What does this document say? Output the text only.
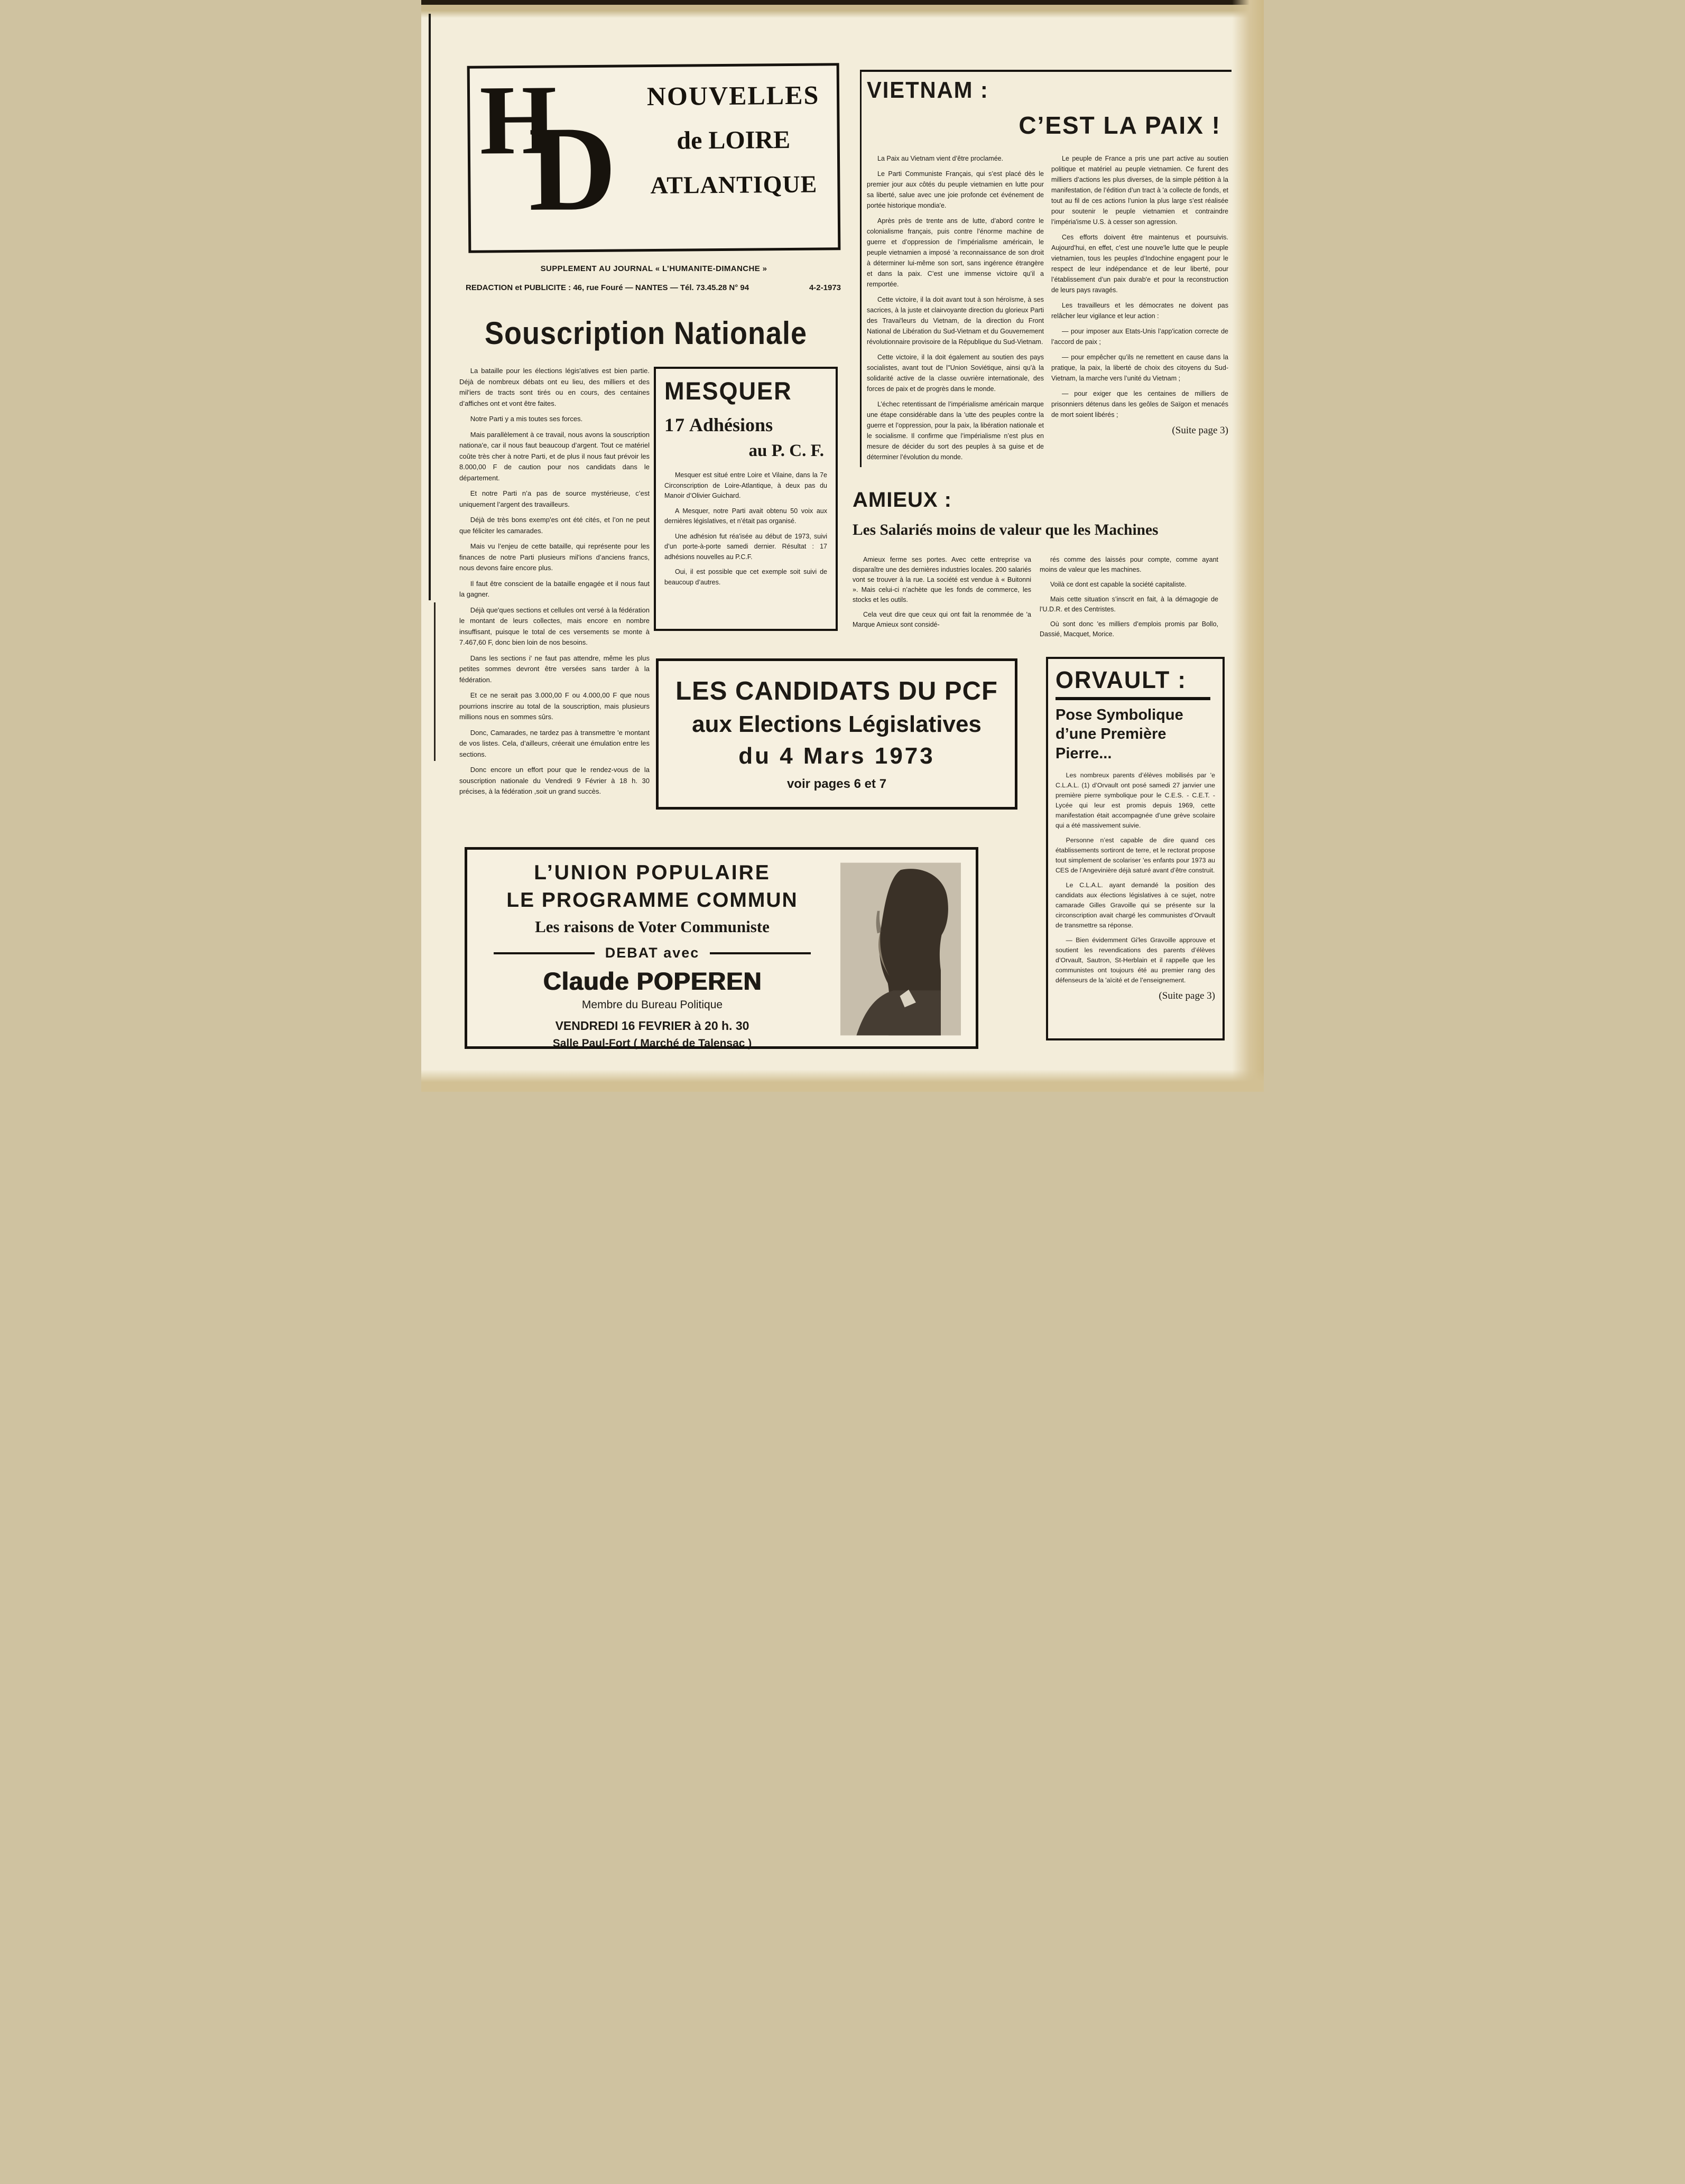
H
D
NOUVELLES
de LOIRE
ATLANTIQUE
SUPPLEMENT AU JOURNAL « L’HUMANITE-DIMANCHE »
REDACTION et PUBLICITE : 46, rue Fouré — NANTES — Tél. 73.45.28 N° 94	4-2-1973
VIETNAM :
C’EST LA PAIX !

La Paix au Vietnam vient d’être proclamée.

Le Parti Communiste Français, qui s’est placé dès le premier jour aux côtés du peuple vietnamien en lutte pour sa liberté, salue avec une joie profonde cet événement de portée historique mondia'e.

Après près de trente ans de lutte, d’abord contre le colonialisme français, puis contre l’énorme machine de guerre et d’oppression de l’impérialisme américain, le peuple vietnamien a imposé 'a reconnaissance de son droit à déterminer lui-même son sort, sans ingérence étrangère et dans la paix. C’est une immense victoire qu’il a remportée.

Cette victoire, il la doit avant tout à son héroïsme, à ses sacrices, à la juste et clairvoyante direction du glorieux Parti des Travai'leurs du Vietnam, de la direction du Front National de Libération du Sud-Vietnam et du Gouvernement révolutionnaire provisoire de la République du Sud-Vietnam.

Cette victoire, il la doit également au soutien des pays socialistes, avant tout de l''Union Soviétique, ainsi qu’à la solidarité active de la classe ouvrière internationale, des forces de paix et de progrès dans le monde.

L’échec retentissant de l’impérialisme américain marque une étape considérable dans la 'utte des peuples contre la guerre et l’oppression, pour la paix, la libération nationale et le socialisme. Il confirme que l’impérialisme n’est plus en mesure de décider du sort des peuples à sa guise et de déterminer l’évolution du monde.

Le peuple de France a pris une part active au soutien politique et matériel au peuple vietnamien. Ce furent des milliers d’actions les plus diverses, de la simple pétition à la manifestation, de l’édition d’un tract à 'a collecte de fonds, et tout au fil de ces actions l’union la plus large s’est réalisée pour soutenir le peuple vietnamien et contraindre l’impéria'isme U.S. à cesser son agression.

Ces efforts doivent être maintenus et poursuivis. Aujourd’hui, en effet, c’est une nouve'le lutte que le peuple vietnamien, tous les peuples d’Indochine engagent pour le respect de leur indépendance et de leur liberté, pour l’établissement d’un paix durab'e et pour la reconstruction de leurs pays ravagés.

Les travailleurs et les démocrates ne doivent pas relâcher leur vigilance et leur action :

— pour imposer aux Etats-Unis l’app'ication correcte de l’accord de paix ;

— pour empêcher qu’ils ne remettent en cause dans la pratique, la paix, la liberté de choix des citoyens du Sud-Vietnam, la marche vers l’unité du Vietnam ;

— pour exiger que les centaines de milliers de prisonniers détenus dans les geôles de Saïgon et menacés de mort soient libérés ;

(Suite page 3)
Souscription Nationale

La bataille pour les élections légis'atives est bien partie. Déjà de nombreux débats ont eu lieu, des milliers et des mil'iers de tracts sont tirés ou en cours, des centaines d’affiches ont et vont être faites.

Notre Parti y a mis toutes ses forces.

Mais parallèlement à ce travail, nous avons la souscription nationa'e, car il nous faut beaucoup d’argent. Tout ce matériel coûte très cher à notre Parti, et de plus il nous faut prévoir les 8.000,00 F de caution pour nos candidats dans le département.

Et notre Parti n’a pas de source mystérieuse, c’est uniquement l’argent des travailleurs.

Déjà de très bons exemp'es ont été cités, et l’on ne peut que féliciter les camarades.

Mais vu l’enjeu de cette bataille, qui représente pour les finances de notre Parti plusieurs mil'ions d’anciens francs, nous devons faire encore plus.

Il faut être conscient de la bataille engagée et il nous faut la gagner.

Déjà que'ques sections et cellules ont versé à la fédération le montant de leurs collectes, mais encore en nombre insuffisant, puisque le total de ces versements se monte à 7.467,60 F, donc bien loin de nos besoins.

Dans les sections i' ne faut pas attendre, même les plus petites sommes devront être versées sans tarder à la fédération.

Et ce ne serait pas 3.000,00 F ou 4.000,00 F que nous pourrions inscrire au total de la souscription, mais plusieurs millions nous en sommes sûrs.

Donc, Camarades, ne tardez pas à transmettre 'e montant de vos listes. Cela, d’ailleurs, créerait une émulation entre les sections.

Donc encore un effort pour que le rendez-vous de la souscription nationale du Vendredi 9 Février à 18 h. 30 précises, à la fédération ,soit un grand succès.

MESQUER
17 Adhésions
au P. C. F.

Mesquer est situé entre Loire et Vilaine, dans la 7e Circonscription de Loire-Atlantique, à deux pas du Manoir d’Olivier Guichard.

A Mesquer, notre Parti avait obtenu 50 voix aux dernières législatives, et n’était pas organisé.

Une adhésion fut réa'isée au début de 1973, suivi d’un porte-à-porte samedi dernier. Résultat : 17 adhésions nouvelles au P.C.F.

Oui, il est possible que cet exemple soit suivi de beaucoup d’autres.

AMIEUX :
Les Salariés moins de valeur que les Machines

Amieux ferme ses portes. Avec cette entreprise va disparaître une des dernières industries locales. 200 salariés vont se trouver à la rue. La société est vendue à « Buitonni ». Mais celui-ci n’achète que les fonds de commerce, les stocks et les outils.

Cela veut dire que ceux qui ont fait la renommée de 'a Marque Amieux sont considé-

rés comme des laissés pour compte, comme ayant moins de valeur que les machines.

Voilà ce dont est capable la société capitaliste.

Mais cette situation s’inscrit en fait, à la démagogie de l’U.D.R. et des Centristes.

Où sont donc 'es milliers d’emplois promis par Bollo, Dassié, Macquet, Morice.

LES CANDIDATS DU PCF
aux Elections Législatives
du 4 Mars 1973
voir pages 6 et 7
ORVAULT :
Pose Symbolique
d’une Première
Pierre...

Les nombreux parents d’élèves mobilisés par 'e C.L.A.L. (1) d’Orvault ont posé samedi 27 janvier une première pierre symbolique pour le C.E.S. - C.E.T. - Lycée qui leur est promis depuis 1969, cette manifestation était accompagnée d’une grève scolaire qui a été massivement suivie.

Personne n’est capable de dire quand ces établissements sortiront de terre, et le rectorat propose tout simplement de scolariser 'es enfants pour 1973 au CES de l’Angevinière déjà saturé avant d’être construit.

Le C.L.A.L. ayant demandé la position des candidats aux élections législatives à ce sujet, notre camarade Gilles Gravoille qui se présente sur la circonscription avait chargé les communistes d’Orvault de transmettre sa réponse.

— Bien évidemment Gi'les Gravoille approuve et soutient les revendications des parents d’élèves d’Orvault, Sautron, St-Herblain et il rappelle que les communistes ont toujours été au premier rang des défenseurs de la 'aïcité et de l’enseignement.

(Suite page 3)
L’UNION POPULAIRE
LE PROGRAMME COMMUN
Les raisons de Voter Communiste
DEBAT avec
Claude POPEREN
Membre du Bureau Politique
VENDREDI 16 FEVRIER à 20 h. 30
Salle Paul-Fort ( Marché de Talensac )
